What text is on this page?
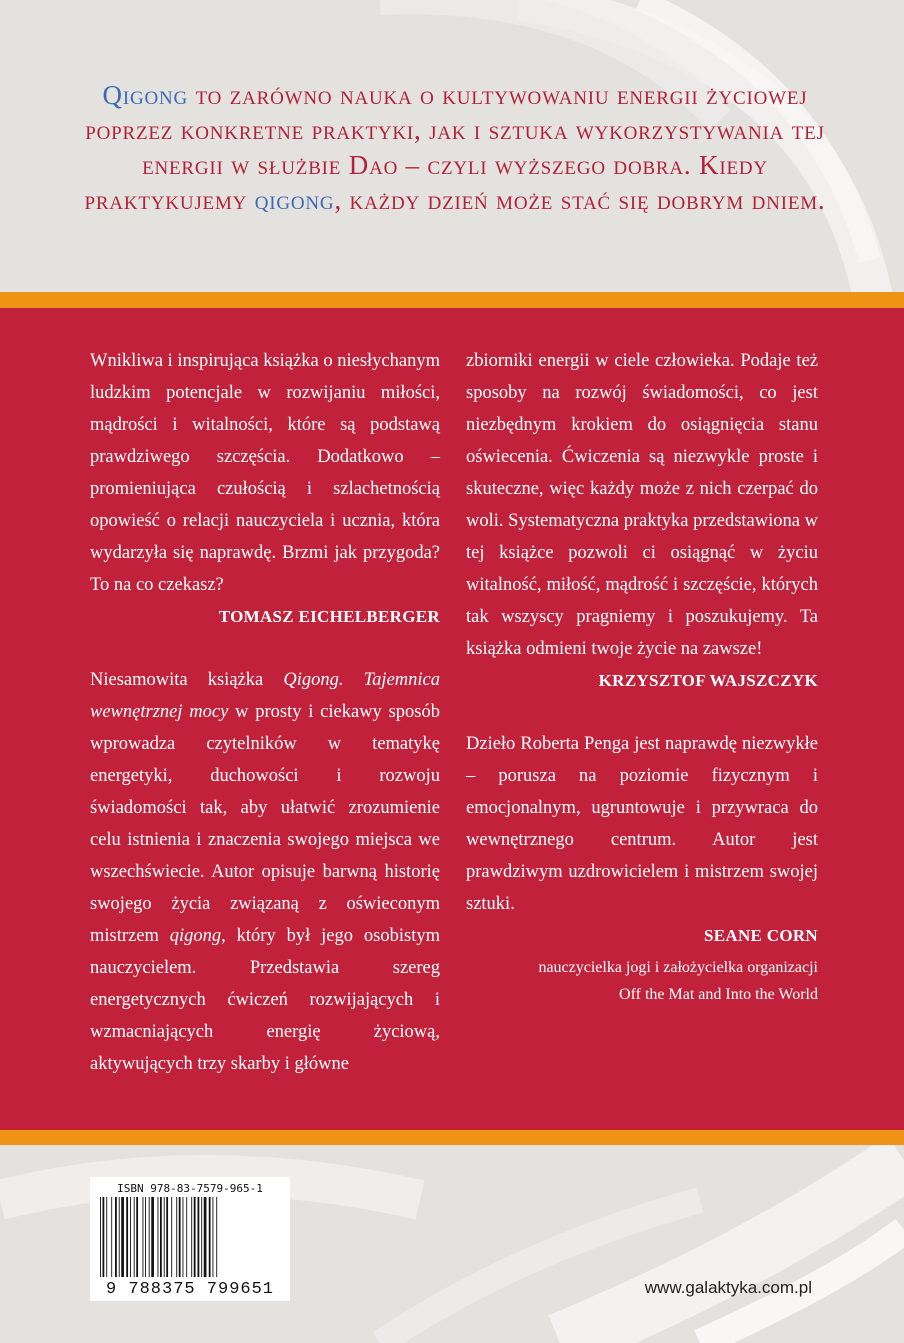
Qigong to zarówno nauka o kultywowaniu energii życiowej poprzez konkretne praktyki, jak i sztuka wykorzystywania tej energii w służbie Dao – czyli wyższego dobra. Kiedy praktykujemy qigong, każdy dzień może stać się dobrym dniem.

Wnikliwa i inspirująca książka o niesłychanym ludzkim potencjale w rozwijaniu miłości, mądrości i witalności, które są podstawą prawdziwego szczęścia. Dodatkowo – promieniująca czułością i szlachetnością opowieść o relacji nauczyciela i ucznia, która wydarzyła się naprawdę. Brzmi jak przygoda? To na co czekasz?

TOMASZ EICHELBERGER

Niesamowita książka Qigong. Tajemnica wewnętrznej mocy w prosty i ciekawy sposób wprowadza czytelników w tematykę energetyki, duchowości i rozwoju świadomości tak, aby ułatwić zrozumienie celu istnienia i znaczenia swojego miejsca we wszechświecie. Autor opisuje barwną historię swojego życia związaną z oświeconym mistrzem qigong, który był jego osobistym nauczycielem. Przedstawia szereg energetycznych ćwiczeń rozwijających i wzmacniających energię życiową, aktywujących trzy skarby i główne

zbiorniki energii w ciele człowieka. Podaje też sposoby na rozwój świadomości, co jest niezbędnym krokiem do osiągnięcia stanu oświecenia. Ćwiczenia są niezwykle proste i skuteczne, więc każdy może z nich czerpać do woli. Systematyczna praktyka przedstawiona w tej książce pozwoli ci osiągnąć w życiu witalność, miłość, mądrość i szczęście, których tak wszyscy pragniemy i poszukujemy. Ta książka odmieni twoje życie na zawsze!

KRZYSZTOF WAJSZCZYK

Dzieło Roberta Penga jest naprawdę niezwykłe – porusza na poziomie fizycznym i emocjonalnym, ugruntowuje i przywraca do wewnętrznego centrum. Autor jest prawdziwym uzdrowicielem i mistrzem swojej sztuki.

SEANE CORN

nauczycielka jogi i założycielka organizacji

Off the Mat and Into the World

ISBN 978-83-7579-965-1
9 788375 799651	www.galaktyka.com.pl
